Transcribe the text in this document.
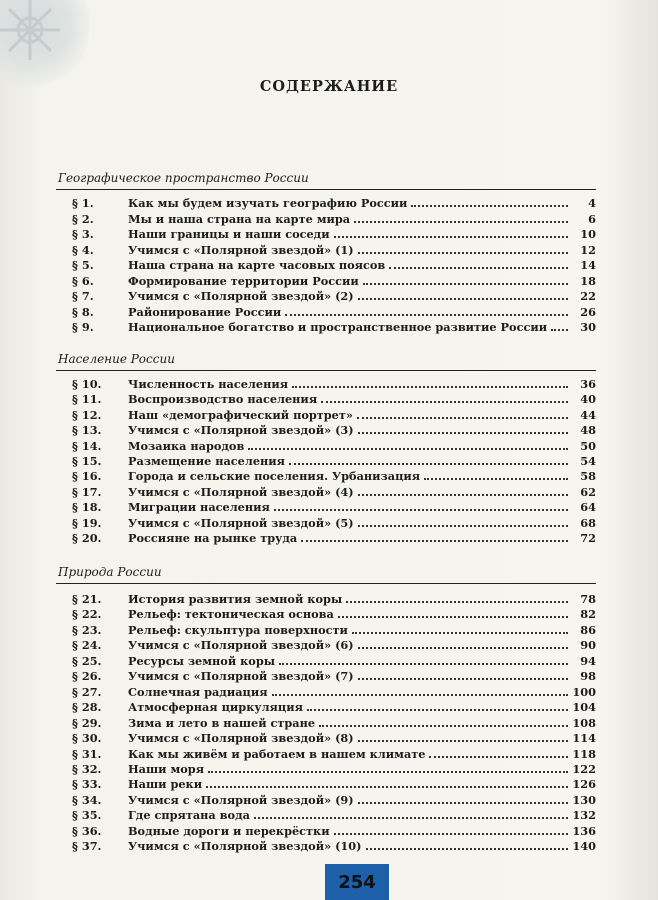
СОДЕРЖАНИЕ
Географическое пространство России
§ 1.	Как мы будем изучать географию России	4
§ 2.	Мы и наша страна на карте мира	6
§ 3.	Наши границы и наши соседи	10
§ 4.	Учимся с «Полярной звездой» (1)	12
§ 5.	Наша страна на карте часовых поясов	14
§ 6.	Формирование территории России	18
§ 7.	Учимся с «Полярной звездой» (2)	22
§ 8.	Районирование России	26
§ 9.	Национальное богатство и пространственное развитие России	30
Население России
§ 10.	Численность населения	36
§ 11.	Воспроизводство населения	40
§ 12.	Наш «демографический портрет»	44
§ 13.	Учимся с «Полярной звездой» (3)	48
§ 14.	Мозаика народов	50
§ 15.	Размещение населения	54
§ 16.	Города и сельские поселения. Урбанизация	58
§ 17.	Учимся с «Полярной звездой» (4)	62
§ 18.	Миграции населения	64
§ 19.	Учимся с «Полярной звездой» (5)	68
§ 20.	Россияне на рынке труда	72
Природа России
§ 21.	История развития земной коры	78
§ 22.	Рельеф: тектоническая основа	82
§ 23.	Рельеф: скульптура поверхности	86
§ 24.	Учимся с «Полярной звездой» (6)	90
§ 25.	Ресурсы земной коры	94
§ 26.	Учимся с «Полярной звездой» (7)	98
§ 27.	Солнечная радиация	100
§ 28.	Атмосферная циркуляция	104
§ 29.	Зима и лето в нашей стране	108
§ 30.	Учимся с «Полярной звездой» (8)	114
§ 31.	Как мы живём и работаем в нашем климате	118
§ 32.	Наши моря	122
§ 33.	Наши реки	126
§ 34.	Учимся с «Полярной звездой» (9)	130
§ 35.	Где спрятана вода	132
§ 36.	Водные дороги и перекрёстки	136
§ 37.	Учимся с «Полярной звездой» (10)	140
254
